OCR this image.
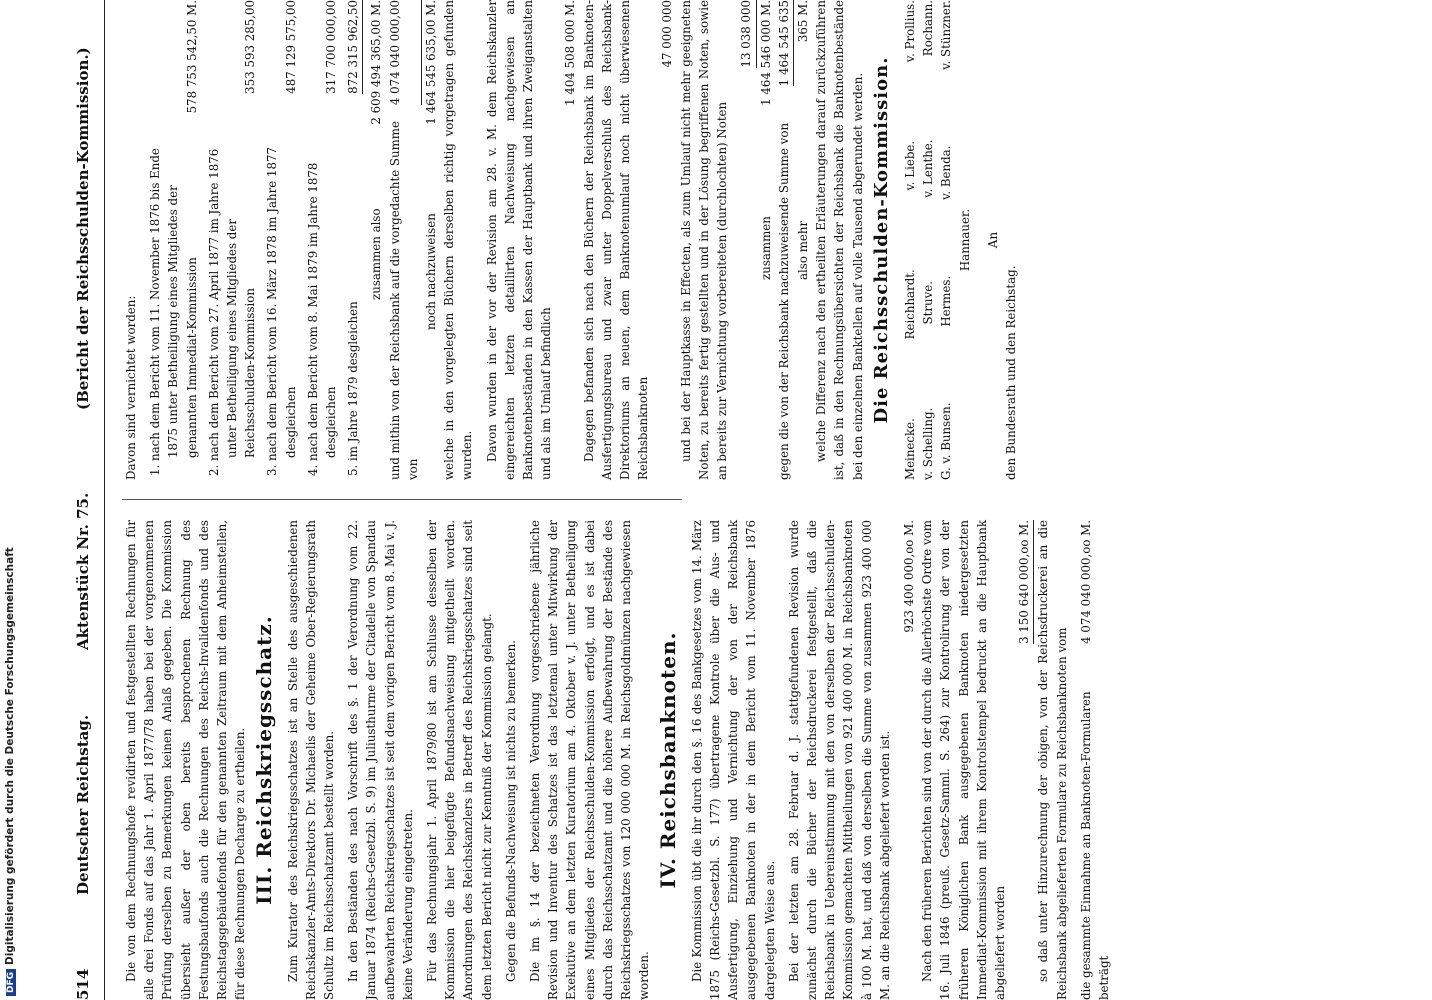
514
Deutscher Reichstag.
Aktenstück Nr. 75.
(Bericht der Reichsschulden-Kommission.)

Die von dem Rechnungshofe revidirten und festgestellten Rechnungen für alle drei Fonds auf das Jahr 1. April 1877/78 haben bei der vorgenommenen Prüfung derselben zu Bemerkungen keinen Anlaß gegeben. Die Kommission übersieht außer der oben bereits besprochenen Rechnung des Festungsbaufonds auch die Rechnungen des Reichs-Invalidenfonds und des Reichstagsgebäudefonds für den genannten Zeitraum mit dem Anheimstellen, für diese Rechnungen Decharge zu ertheilen. III. Reichskriegsschatz. Zum Kurator des Reichskriegsschatzes ist an Stelle des ausgeschiedenen Reichskanzler-Amts-Direktors Dr. Michaelis der Geheime Ober-Regierungsrath Schultz im Reichsschatzamt bestellt worden. In den Beständen des nach Vorschrift des §. 1 der Verordnung vom 22. Januar 1874 (Reichs-Gesetzbl. S. 9) im Juliusthurme der Citadelle von Spandau aufbewahrten Reichskriegsschatzes ist seit dem vorigen Bericht vom 8. Mai v. J. keine Veränderung eingetreten. Für das Rechnungsjahr 1. April 1879/80 ist am Schlusse desselben der Kommission die hier beigefügte Befundsnachweisung mitgetheilt worden. Anordnungen des Reichskanzlers in Betreff des Reichskriegsschatzes sind seit dem letzten Bericht nicht zur Kenntniß der Kommission gelangt. Gegen die Befunds-Nachweisung ist nichts zu bemerken. Die im §. 14 der bezeichneten Verordnung vorgeschriebene jährliche Revision und Inventur des Schatzes ist das letztemal unter Mitwirkung der Exekutive an dem letzten Kuratorium am 4. Oktober v. J. unter Betheiligung eines Mitgliedes der Reichsschulden-Kommission erfolgt, und es ist dabei durch das Reichsschatzamt und die höhere Aufbewahrung der Bestände des Reichskriegsschatzes von 120 000 000 M. in Reichsgoldmünzen nachgewiesen worden.

IV. Reichsbanknoten. Die Kommission übt die ihr durch den §. 16 des Bankgesetzes vom 14. März 1875 (Reichs-Gesetzbl. S. 177) übertragene Kontrole über die Aus- und Ausfertigung, Einziehung und Vernichtung der von der Reichsbank ausgegebenen Banknoten in der in dem Bericht vom 11. November 1876 dargelegten Weise aus. Bei der letzten am 28. Februar d. J. stattgefundenen Revision wurde zunächst durch die Bücher der Reichsdruckerei festgestellt, daß die Reichsbank in Uebereinstimmung mit den von derselben der Reichsschulden-Kommission gemachten Mittheilungen von 921 400 000 M. in Reichsbanknoten à 100 M. hat, und daß von derselben die Summe von zusammen 923 400 000 M. an die Reichsbank abgeliefert worden ist.

923 400 000,oo M. Nach den früheren Berichten sind von der durch die Allerhöchste Ordre vom 16. Juli 1846 (preuß. Gesetz-Samml. S. 264) zur Kontrolirung der von der früheren Königlichen Bank ausgegebenen Banknoten niedergesetzten Immediat-Kommission mit ihrem Kontrolstempel bedruckt an die Hauptbank abgeliefert worden

3 150 640 000,oo M. so daß unter Hinzurechnung der obigen, von der Reichsdruckerei an die Reichsbank abgelieferten Formulare zu Reichsbanknoten vom die gesammte Einnahme an Banknoten-Formularen beträgt
4 074 040 000,oo M.

Davon sind vernichtet worden: 1. nach dem Bericht vom 11. November 1876 bis Ende 1875 unter Betheiligung eines Mitgliedes der genannten Immediat-Kommission
578 753 542,50 M.
2. nach dem Bericht vom 27. April 1877 im Jahre 1876 unter Betheiligung eines Mitgliedes der Reichsschulden-Kommission
353 593 285,00
3. nach dem Bericht vom 16. März 1878 im Jahre 1877 desgleichen
487 129 575,00
4. nach dem Bericht vom 8. Mai 1879 im Jahre 1878 desgleichen
317 700 000,00
5. im Jahre 1879 desgleichen
872 315 962,50
zusammen also
2 609 494 365,00 M.
und mithin von der Reichsbank auf die vorgedachte Summe von
4 074 040 000,00
noch nachzuweisen
1 464 545 635,00 M. welche in den vorgelegten Büchern derselben richtig vorgetragen gefunden wurden. Davon wurden in der vor der Revision am 28. v. M. dem Reichskanzler eingereichten letzten detaillirten Nachweisung nachgewiesen an Banknotenbeständen in den Kassen der Hauptbank und ihren Zweiganstalten und als im Umlauf befindlich

1 404 508 000 M. Dagegen befanden sich nach den Büchern der Reichsbank im Banknoten-Ausfertigungsbureau und zwar unter Doppelverschluß des Reichsbank-Direktoriums an neuen, dem Banknotenumlauf noch nicht überwiesenen Reichsbanknoten

47 000 000 und bei der Hauptkasse in Effecten, als zum Umlauf nicht mehr geeigneten Noten, zu bereits fertig gestellten und in der Lösung begriffenen Noten, sowie an bereits zur Vernichtung vorbereiteten (durchlochten) Noten

13 038 000
zusammen
1 464 546 000 M.
gegen die von der Reichsbank nachzuweisende Summe von
1 464 545 635
also mehr
365 M. welche Differenz nach den ertheilten Erläuterungen darauf zurückzuführen ist, daß in den Rechnungsübersichten der Reichsbank die Banknotenbestände bei den einzelnen Banktellen auf volle Tausend abgerundet werden. Die Reichsschulden-Kommission.
Meinecke.
Reichhardt.
v. Liebe.
v. Prollius.
v. Schelling.
Struve.
v. Lenthe.
Rochann.
G. v. Bunsen.
Hermes.
v. Benda.
v. Stünzner.
Hannauer. An
den Bundesrath und den Reichstag.
DFGDigitalisierung gefördert durch die Deutsche Forschungsgemeinschaft
